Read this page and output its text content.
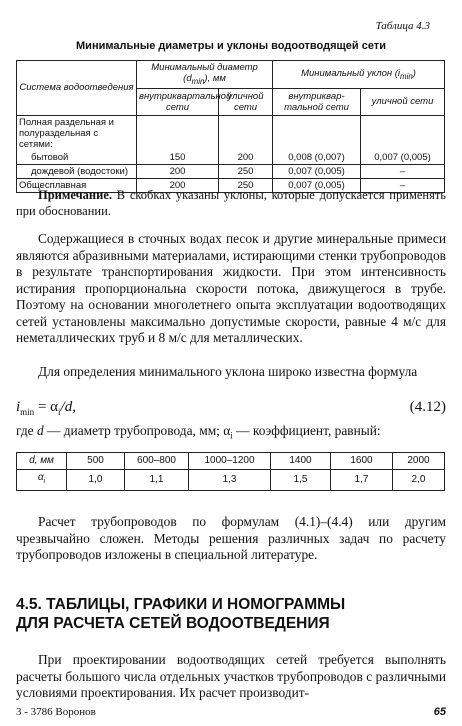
Таблица 4.3
Минимальные диаметры и уклоны водоотводящей сети
Система водоотведения	Минимальный диаметр $(d_{min})$, мм		Минимальный уклон $(i_{min})$	
	внутриквартальной сети	уличной сети	внутриквар-тальной сети	уличной сети
Полная раздельная и полураздельная с сетями:				
бытовой	150	200	0,008 (0,007)	0,007 (0,005)
дождевой (водостоки)	200	250	0,007 (0,005)	–
Общесплавная	200	250	0,007 (0,005)	–
Примечание. В скобках указаны уклоны, которые допускается применять при обосновании.
Содержащиеся в сточных водах песок и другие минеральные примеси являются абразивными материалами, истирающими стенки трубопроводов в результате транспортирования жидкости. При этом интенсивность истирания пропорциональна скорости потока, движущегося в трубе. Поэтому на основании многолетнего опыта эксплуатации водоотводящих сетей установлены максимально допустимые скорости, равные 4 м/с для неметаллических труб и 8 м/с для металлических.
Для определения минимального уклона широко известна формула
$i_{min} = \alpha_i/d$,	(4.12)
где d — диаметр трубопровода, мм; $\alpha_i$ — коэффициент, равный:
d, мм	500	600–800	1000–1200	1400	1600	2000
$\alpha_i$	1,0	1,1	1,3	1,5	1,7	2,0
Расчет трубопроводов по формулам (4.1)–(4.4) или другим чрезвычайно сложен. Методы решения различных задач по расчету трубопроводов изложены в специальной литературе.
4.5. ТАБЛИЦЫ, ГРАФИКИ И НОМОГРАММЫ
ДЛЯ РАСЧЕТА СЕТЕЙ ВОДООТВЕДЕНИЯ
При проектировании водоотводящих сетей требуется выполнять расчеты большого числа отдельных участков трубопроводов с различными условиями проектирования. Их расчет производит-
3 - 3786 Воронов	65
